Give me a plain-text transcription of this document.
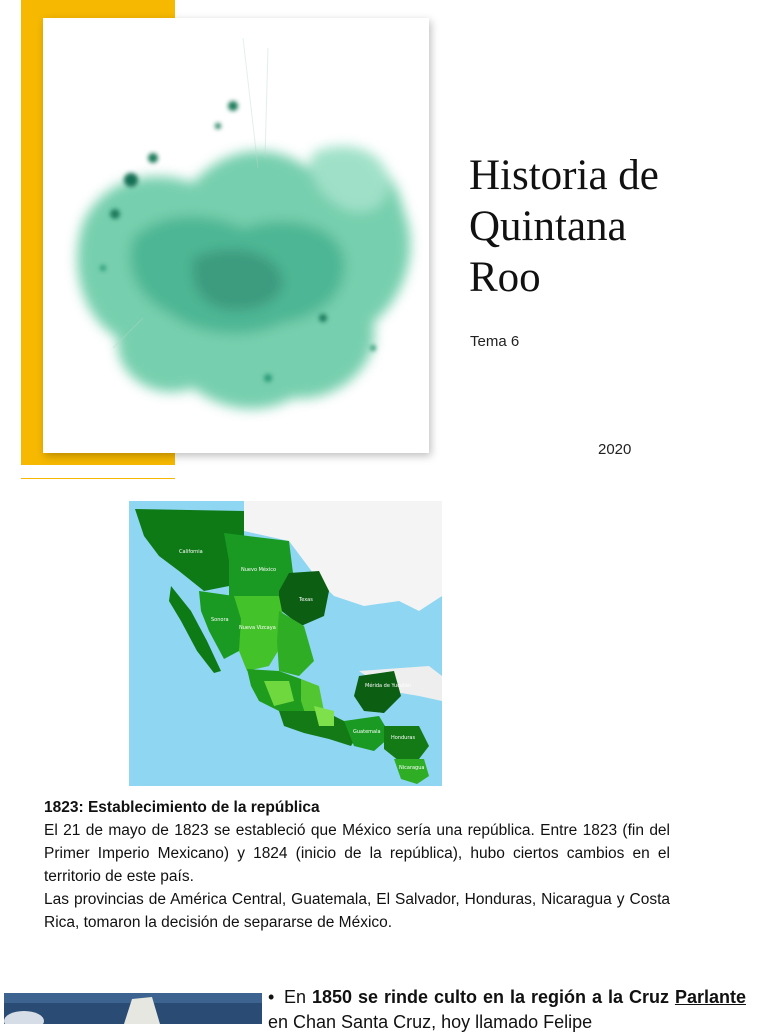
Historia de
Quintana
Roo
Tema 6
2020
California
Nuevo México
Texas
Sonora
Nueva Vizcaya
Mérida de Yucatán
Guatemala
Honduras
Nicaragua

1823: Establecimiento de la república

El 21 de mayo de 1823 se estableció que México sería una república. Entre 1823 (fin del Primer Imperio Mexicano) y 1824 (inicio de la república), hubo ciertos cambios en el territorio de este país.

Las provincias de América Central, Guatemala, El Salvador, Honduras, Nicaragua y Costa Rica, tomaron la decisión de separarse de México.

• En 1850 se rinde culto en la región a la Cruz Parlante en Chan Santa Cruz, hoy llamado Felipe
